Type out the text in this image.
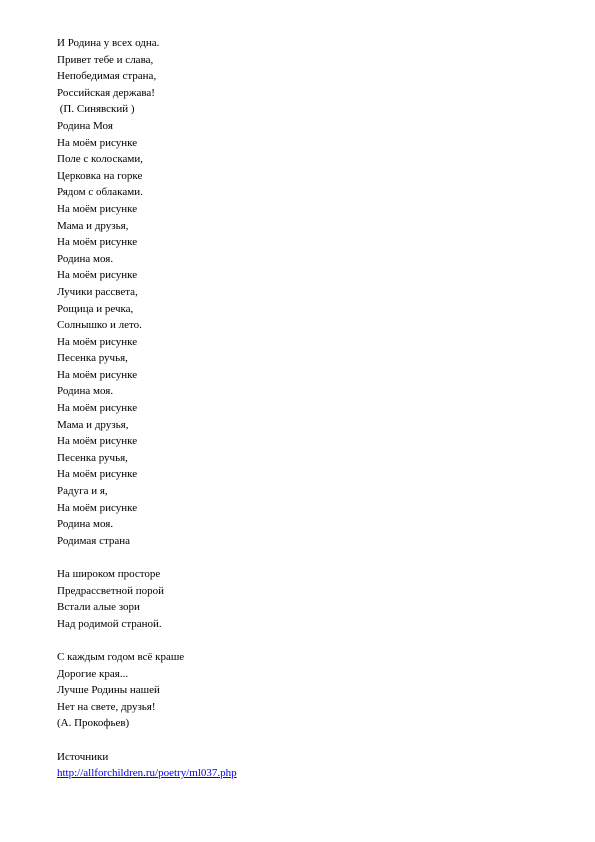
И Родина у всех одна.
Привет тебе и слава,
Непобедимая страна,
Российская держава!
(П. Синявский )
Родина Моя
На моём рисунке
Поле с колосками,
Церковка на горке
Рядом с облаками.
На моём рисунке
Мама и друзья,
На моём рисунке
Родина моя.
На моём рисунке
Лучики рассвета,
Рощица и речка,
Солнышко и лето.
На моём рисунке
Песенка ручья,
На моём рисунке
Родина моя.
На моём рисунке
Мама и друзья,
На моём рисунке
Песенка ручья,
На моём рисунке
Радуга и я,
На моём рисунке
Родина моя.
Родимая страна
На широком просторе
Предрассветной порой
Встали алые зори
Над родимой страной.
С каждым годом всё краше
Дорогие края...
Лучше Родины нашей
Нет на свете, друзья!
(А. Прокофьев)
Источники
http://allforchildren.ru/poetry/ml037.php
